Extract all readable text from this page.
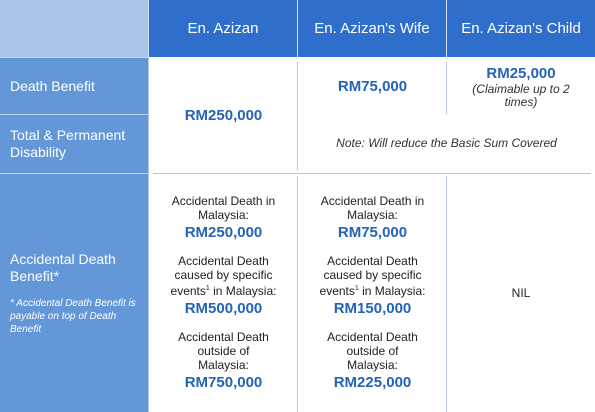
En. Azizan	En. Azizan's Wife	En. Azizan's Child
Death Benefit
Total & Permanent Disability
Accidental Death Benefit*
* Accidental Death Benefit is payable on top of Death Benefit
RM250,000
RM75,000
RM25,000
(Claimable up to 2 times)
Note: Will reduce the Basic Sum Covered
Accidental Death in Malaysia:
RM250,000
Accidental Death caused by specific events$^1$ in Malaysia:
RM500,000
Accidental Death outside of Malaysia:
RM750,000
Accidental Death in Malaysia:
RM75,000
Accidental Death caused by specific events$^1$ in Malaysia:
RM150,000
Accidental Death outside of Malaysia:
RM225,000
NIL
